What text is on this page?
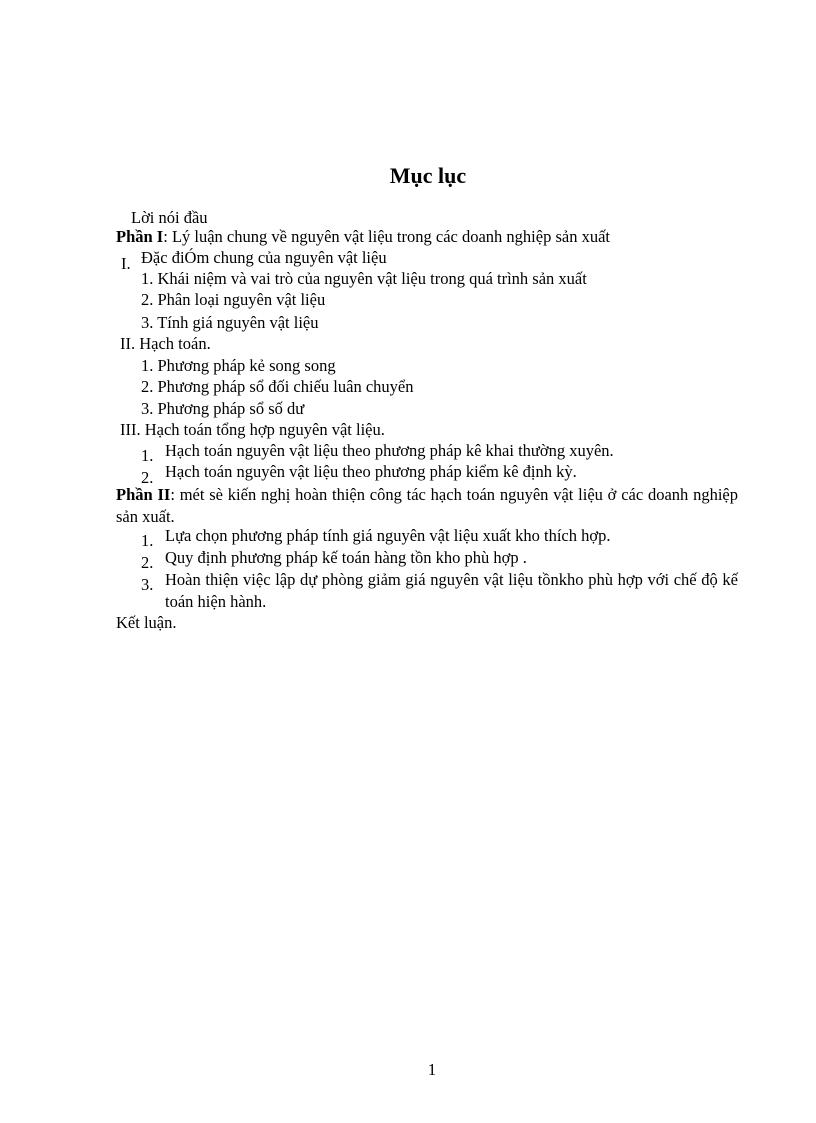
Mục lục
Lời nói đầu
Phần I: Lý luận chung về nguyên vật liệu trong các doanh nghiệp sản xuất
I. Đặc điÓm chung của nguyên vật liệu
1. Khái niệm và vai trò của nguyên vật liệu trong quá trình sản xuất
2. Phân loại nguyên vật liệu
3. Tính giá nguyên vật liệu
II. Hạch toán.
1. Phương pháp kẻ song song
2. Phương pháp sổ đối chiếu luân chuyển
3. Phương pháp sổ số dư
III. Hạch toán tổng hợp nguyên vật liệu.
1. Hạch toán nguyên vật liệu theo phương pháp kê khai thường xuyên.
2. Hạch toán nguyên vật liệu theo phương pháp kiểm kê định kỳ.
Phần II: mét sè kiến nghị hoàn thiện công tác hạch toán nguyên vật liệu ở các doanh nghiệp sản xuất.
1. Lựa chọn phương pháp tính giá nguyên vật liệu xuất kho thích hợp.
2. Quy định phương pháp kế toán hàng tồn kho phù hợp .
3. Hoàn thiện việc lập dự phòng giảm giá nguyên vật liệu tồnkho phù hợp với chế độ kế toán hiện hành.
Kết luận.
1
